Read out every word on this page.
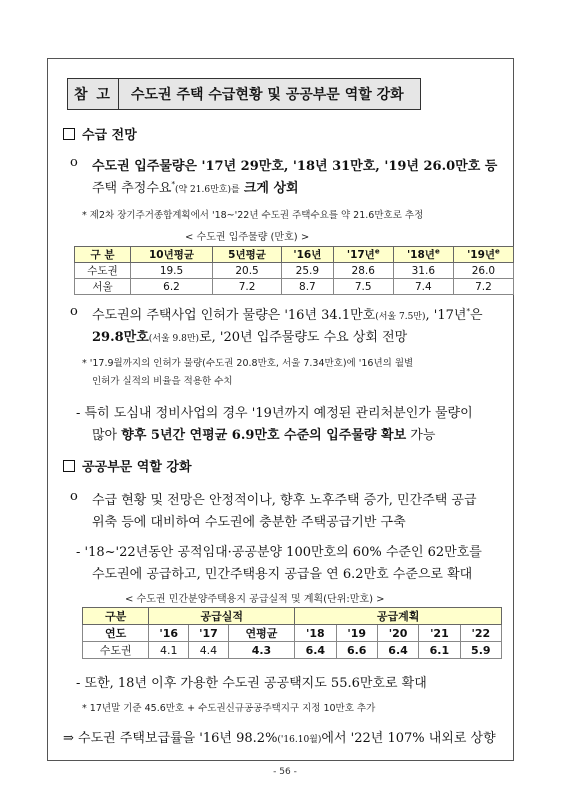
참 고	수도권 주택 수급현황 및 공공부문 역할 강화
수급 전망
ο 수도권 입주물량은 '17년 29만호, '18년 31만호, '19년 26.0만호 등
주택 추정수요*(약 21.6만호)를 크게 상회
* 제2차 장기주거종합계획에서 '18~'22년 수도권 주택수요를 약 21.6만호로 추정
< 수도권 입주물량 (만호) >
구 분	10년평균	5년평균	'16년	'17년$^e$	'18년$^e$	'19년$^e$
수도권	19.5	20.5	25.9	28.6	31.6	26.0
서울	6.2	7.2	8.7	7.5	7.4	7.2
ο 수도권의 주택사업 인허가 물량은 '16년 34.1만호(서울 7.5만), '17년*은
29.8만호(서울 9.8만)로, '20년 입주물량도 수요 상회 전망
* '17.9월까지의 인허가 물량(수도권 20.8만호, 서울 7.34만호)에 '16년의 월별
인허가 실적의 비율을 적용한 수치
- 특히 도심내 정비사업의 경우 '19년까지 예정된 관리처분인가 물량이
많아 향후 5년간 연평균 6.9만호 수준의 입주물량 확보 가능
공공부문 역할 강화
ο 수급 현황 및 전망은 안정적이나, 향후 노후주택 증가, 민간주택 공급
위축 등에 대비하여 수도권에 충분한 주택공급기반 구축
- '18~'22년동안 공적임대·공공분양 100만호의 60% 수준인 62만호를
수도권에 공급하고, 민간주택용지 공급을 연 6.2만호 수준으로 확대
< 수도권 민간분양주택용지 공급실적 및 계획(단위:만호) >
구분	공급실적			공급계획				
연도	'16	'17	연평균	'18	'19	'20	'21	'22
수도권	4.1	4.4	4.3	6.4	6.6	6.4	6.1	5.9
- 또한, 18년 이후 가용한 수도권 공공택지도 55.6만호로 확대
* 17년말 기준 45.6만호 + 수도권신규공공주택지구 지정 10만호 추가
⇒ 수도권 주택보급률을 '16년 98.2%('16.10월)에서 '22년 107% 내외로 상향
- 56 -
